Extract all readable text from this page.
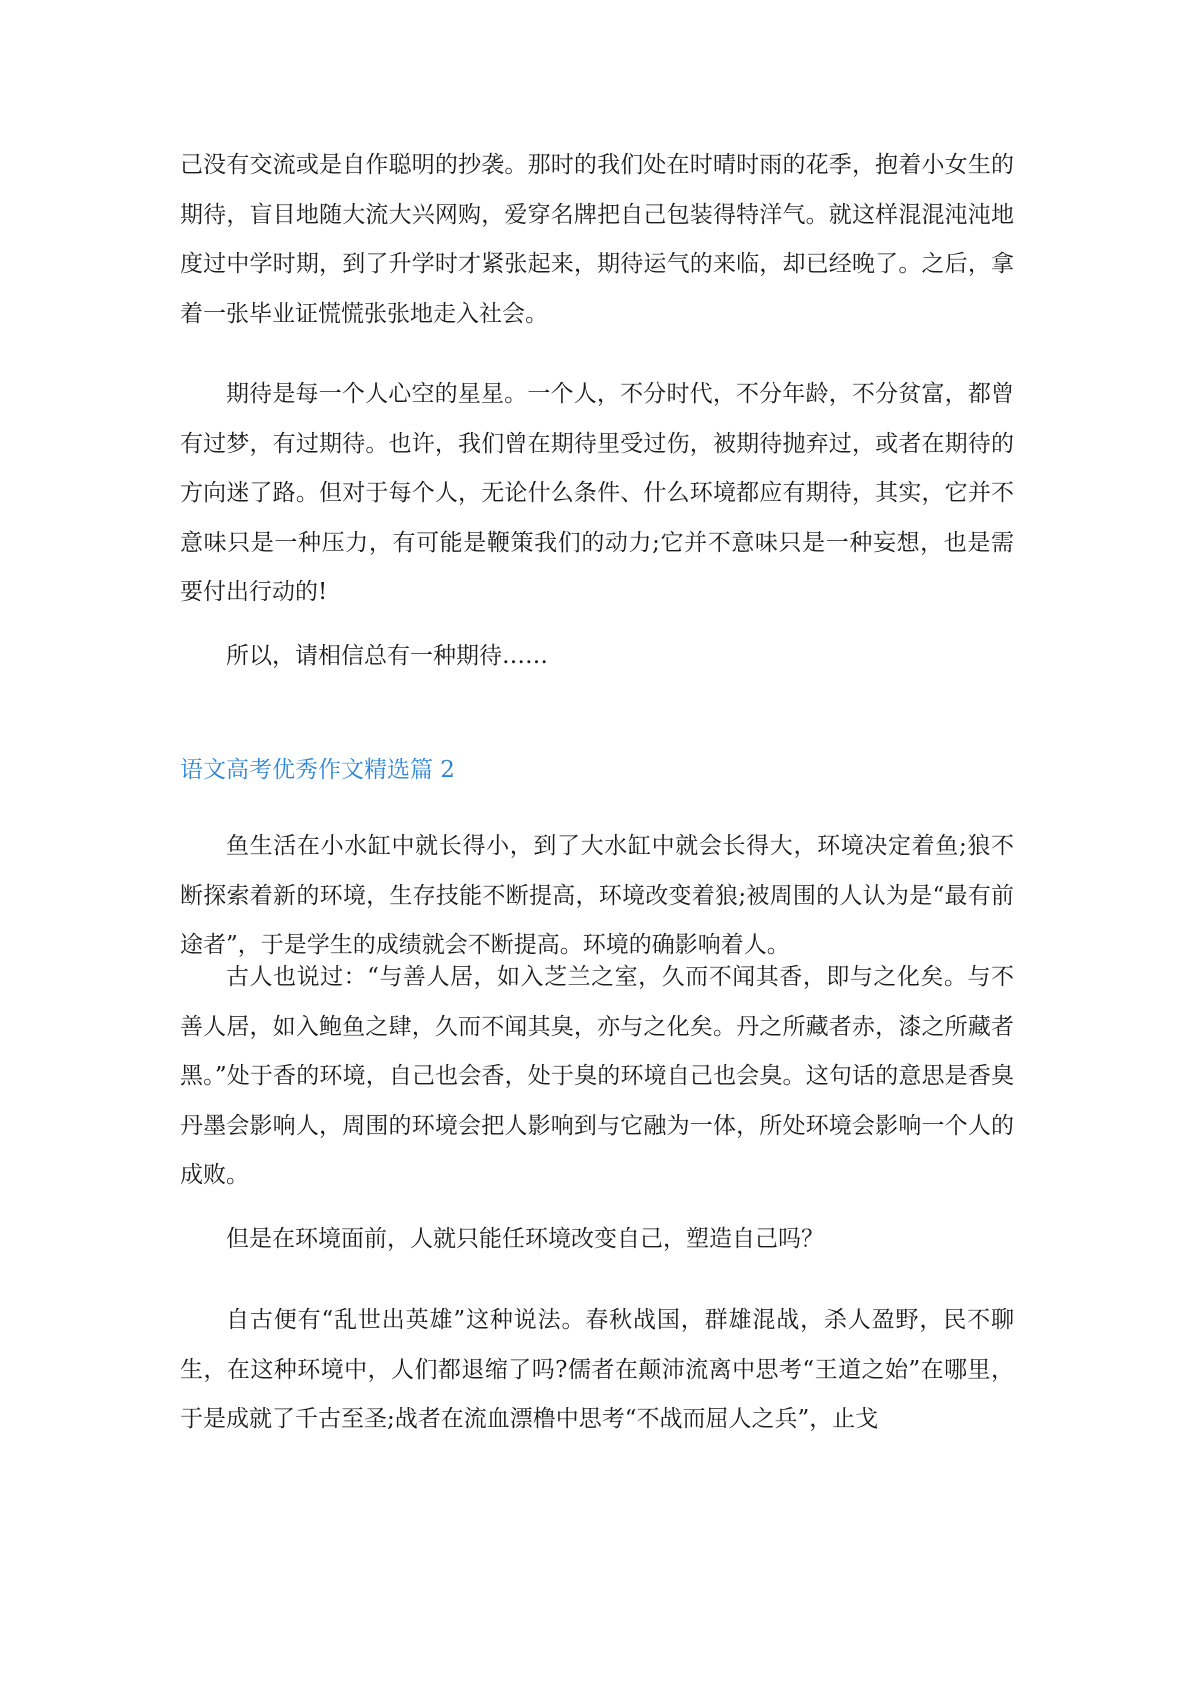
己没有交流或是自作聪明的抄袭。那时的我们处在时晴时雨的花季，抱着小女生的期待，盲目地随大流大兴网购，爱穿名牌把自己包装得特洋气。就这样混混沌沌地度过中学时期，到了升学时才紧张起来，期待运气的来临，却已经晚了。之后，拿着一张毕业证慌慌张张地走入社会。

期待是每一个人心空的星星。一个人，不分时代，不分年龄，不分贫富，都曾有过梦，有过期待。也许，我们曾在期待里受过伤，被期待抛弃过，或者在期待的方向迷了路。但对于每个人，无论什么条件、什么环境都应有期待，其实，它并不意味只是一种压力，有可能是鞭策我们的动力;它并不意味只是一种妄想，也是需要付出行动的!

所以，请相信总有一种期待……

语文高考优秀作文精选篇 2

鱼生活在小水缸中就长得小，到了大水缸中就会长得大，环境决定着鱼;狼不断探索着新的环境，生存技能不断提高，环境改变着狼;被周围的人认为是“最有前途者”，于是学生的成绩就会不断提高。环境的确影响着人。

古人也说过：“与善人居，如入芝兰之室，久而不闻其香，即与之化矣。与不善人居，如入鲍鱼之肆，久而不闻其臭，亦与之化矣。丹之所藏者赤，漆之所藏者黑。”处于香的环境，自己也会香，处于臭的环境自己也会臭。这句话的意思是香臭丹墨会影响人，周围的环境会把人影响到与它融为一体，所处环境会影响一个人的成败。

但是在环境面前，人就只能任环境改变自己，塑造自己吗？

自古便有“乱世出英雄”这种说法。春秋战国，群雄混战，杀人盈野，民不聊生，在这种环境中，人们都退缩了吗?儒者在颠沛流离中思考“王道之始”在哪里，于是成就了千古至圣;战者在流血漂橹中思考“不战而屈人之兵”，止戈
